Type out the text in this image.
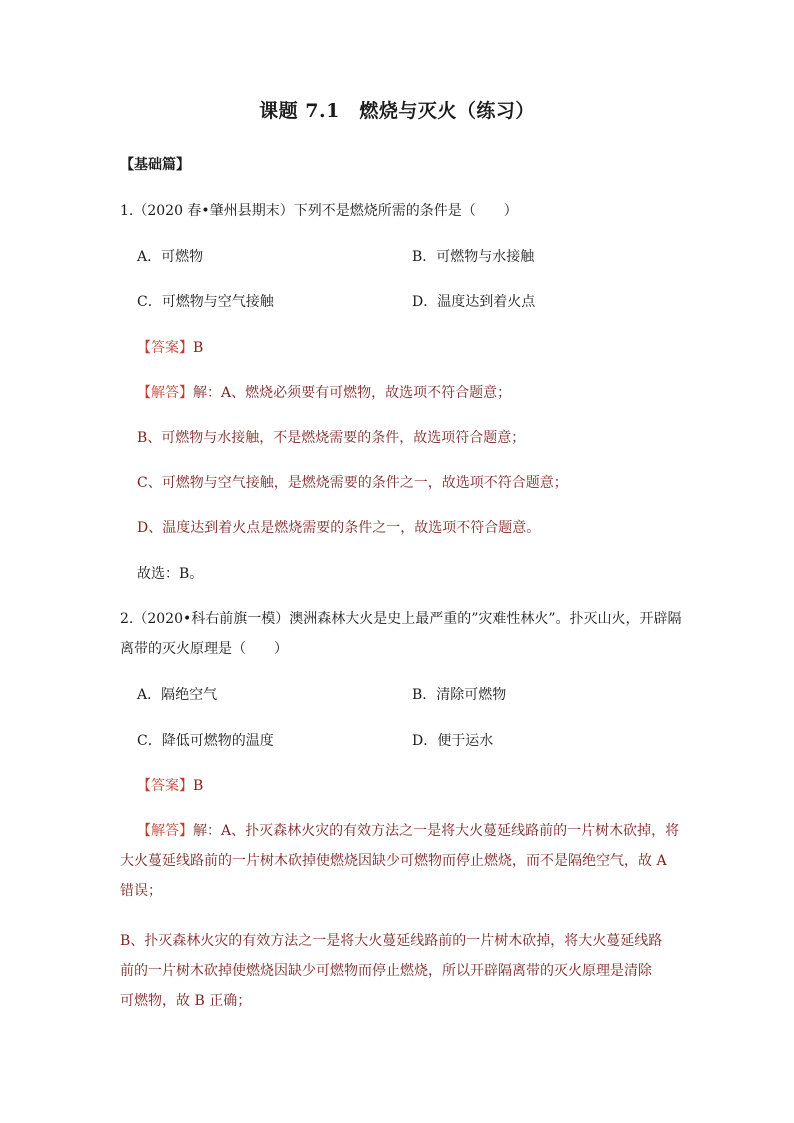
课题 7.1　燃烧与灭火（练习）
【基础篇】
1.（2020 春•肇州县期末）下列不是燃烧所需的条件是（　　）
A．可燃物	B．可燃物与水接触
C．可燃物与空气接触	D．温度达到着火点
【答案】B
【解答】解：A、燃烧必须要有可燃物，故选项不符合题意；
B、可燃物与水接触，不是燃烧需要的条件，故选项符合题意；
C、可燃物与空气接触，是燃烧需要的条件之一，故选项不符合题意；
D、温度达到着火点是燃烧需要的条件之一，故选项不符合题意。
故选：B。
2.（2020•科右前旗一模）澳洲森林大火是史上最严重的”灾难性林火”。扑灭山火，开辟隔
离带的灭火原理是（　　）
A．隔绝空气	B．清除可燃物
C．降低可燃物的温度	D．便于运水
【答案】B
【解答】解：A、扑灭森林火灾的有效方法之一是将大火蔓延线路前的一片树木砍掉，将
大火蔓延线路前的一片树木砍掉使燃烧因缺少可燃物而停止燃烧，而不是隔绝空气，故 A
错误；
B、扑灭森林火灾的有效方法之一是将大火蔓延线路前的一片树木砍掉，将大火蔓延线路
前的一片树木砍掉使燃烧因缺少可燃物而停止燃烧，所以开辟隔离带的灭火原理是清除
可燃物，故 B 正确；
